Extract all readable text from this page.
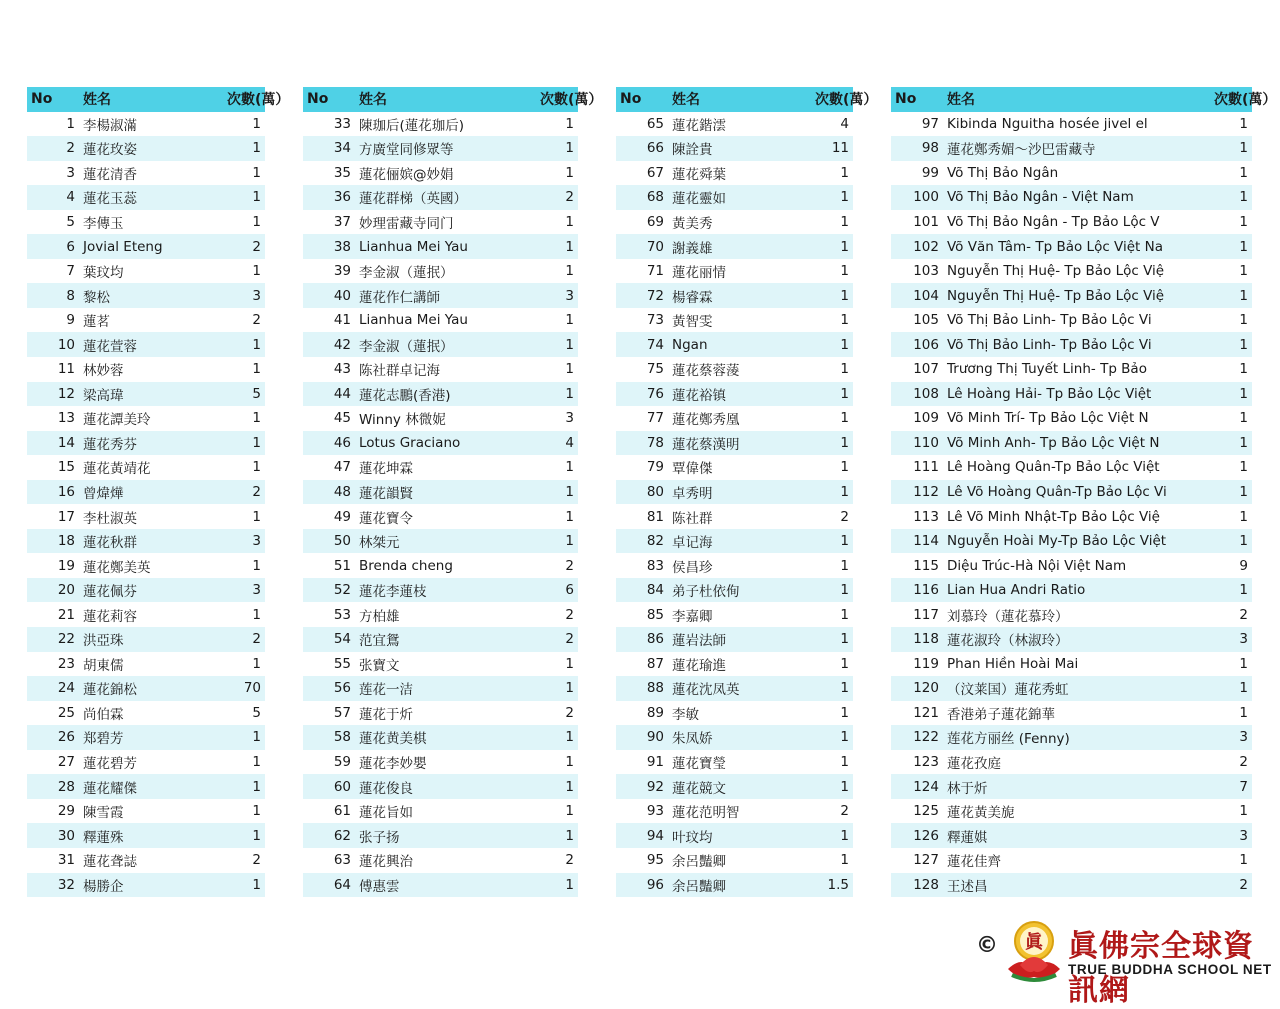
No	姓名	次數(萬）
1	李楊淑滿	1
2	蓮花玫姿	1
3	蓮花清香	1
4	蓮花玉蕊	1
5	李傳玉	1
6	Jovial Eteng	2
7	葉玟均	1
8	黎松	3
9	蓮茗	2
10	蓮花萱蓉	1
11	林妙蓉	1
12	梁高瑋	5
13	蓮花譚美玲	1
14	蓮花秀芬	1
15	蓮花黃靖花	1
16	曾煒燁	2
17	李杜淑英	1
18	蓮花秋群	3
19	蓮花鄭美英	1
20	蓮花佩芬	3
21	蓮花莉容	1
22	洪亞珠	2
23	胡東儒	1
24	蓮花錦松	70
25	尚伯霖	5
26	郑碧芳	1
27	蓮花碧芳	1
28	蓮花耀傑	1
29	陳雪霞	1
30	釋蓮殊	1
31	蓮花聋誌	2
32	楊勝企	1
No	姓名	次數(萬）
33	陳珈后(蓮花珈后)	1
34	方廣堂同修眾等	1
35	蓮花俪嫔@妙娟	1
36	蓮花群梯（英國）	2
37	妙理雷藏寺同门	1
38	Lianhua Mei Yau	1
39	李金淑（蓮抿）	1
40	蓮花作仁講師	3
41	Lianhua Mei Yau	1
42	李金淑（蓮抿）	1
43	陈社群卓记海	1
44	蓮花志鵬(香港)	1
45	Winny 林微妮	3
46	Lotus Graciano	4
47	蓮花坤霖	1
48	蓮花韻賢	1
49	蓮花寶令	1
50	林桀元	1
51	Brenda cheng	2
52	蓮花李蓮枝	6
53	方柏雄	2
54	范宜鴛	2
55	张寶文	1
56	莲花一洁	1
57	蓮花于炘	2
58	蓮花黄美棋	1
59	蓮花李妙嬰	1
60	蓮花俊良	1
61	蓮花旨如	1
62	张子扬	1
63	蓮花興治	2
64	傅惠雲	1
No	姓名	次數(萬）
65	蓮花鍇澐	4
66	陳詮貴	11
67	蓮花舜葉	1
68	蓮花靈如	1
69	黃美秀	1
70	謝義雄	1
71	蓮花丽情	1
72	楊睿霖	1
73	黃智雯	1
74	Ngan	1
75	蓮花蔡蓉蔆	1
76	蓮花裕镇	1
77	蓮花鄭秀凰	1
78	蓮花蔡漢明	1
79	覃偉傑	1
80	卓秀明	1
81	陈社群	2
82	卓记海	1
83	侯昌珍	1
84	弟子杜依侚	1
85	李嘉卿	1
86	蓮岩法師	1
87	蓮花瑜進	1
88	蓮花沈凤英	1
89	李敏	1
90	朱凤娇	1
91	蓮花寶瑩	1
92	蓮花競文	1
93	蓮花范明智	2
94	叶玟均	1
95	余呂豔卿	1
96	余呂豔卿	1.5
No	姓名	次數(萬）
97	Kibinda Nguitha hosée jivel el	1
98	蓮花鄭秀媚～沙巴雷藏寺	1
99	Võ Thị Bảo Ngân	1
100	Võ Thị Bảo Ngân - Việt Nam	1
101	Võ Thị Bảo Ngân - Tp Bảo Lộc V	1
102	Võ Văn Tâm- Tp Bảo Lộc Việt Na	1
103	Nguyễn Thị Huệ- Tp Bảo Lộc Việ	1
104	Nguyễn Thị Huệ- Tp Bảo Lộc Việ	1
105	Võ Thị Bảo Linh- Tp Bảo Lộc Vi	1
106	Võ Thị Bảo Linh- Tp Bảo Lộc Vi	1
107	Trương Thị Tuyết Linh- Tp Bảo	1
108	Lê Hoàng Hải- Tp Bảo Lộc Việt	1
109	Võ Minh Trí- Tp Bảo Lộc Việt N	1
110	Võ Minh Anh- Tp Bảo Lộc Việt N	1
111	Lê Hoàng Quân-Tp Bảo Lộc Việt	1
112	Lê Võ Hoàng Quân-Tp Bảo Lộc Vi	1
113	Lê Võ Minh Nhật-Tp Bảo Lộc Việ	1
114	Nguyễn Hoài My-Tp Bảo Lộc Việt	1
115	Diệu Trúc-Hà Nội Việt Nam	9
116	Lian Hua Andri Ratio	1
117	刘慕玲（蓮花慕玲）	2
118	蓮花淑玲（林淑玲）	3
119	Phan Hiền Hoài Mai	1
120	（汶莱国）蓮花秀虹	1
121	香港弟子蓮花錦華	1
122	莲花方丽丝 (Fenny)	3
123	蓮花孜庭	2
124	林于炘	7
125	蓮花黃美旎	1
126	釋蓮娸	3
127	蓮花佳齊	1
128	王述昌	2
© 眞 眞佛宗全球資訊網
TRUE BUDDHA SCHOOL NET
